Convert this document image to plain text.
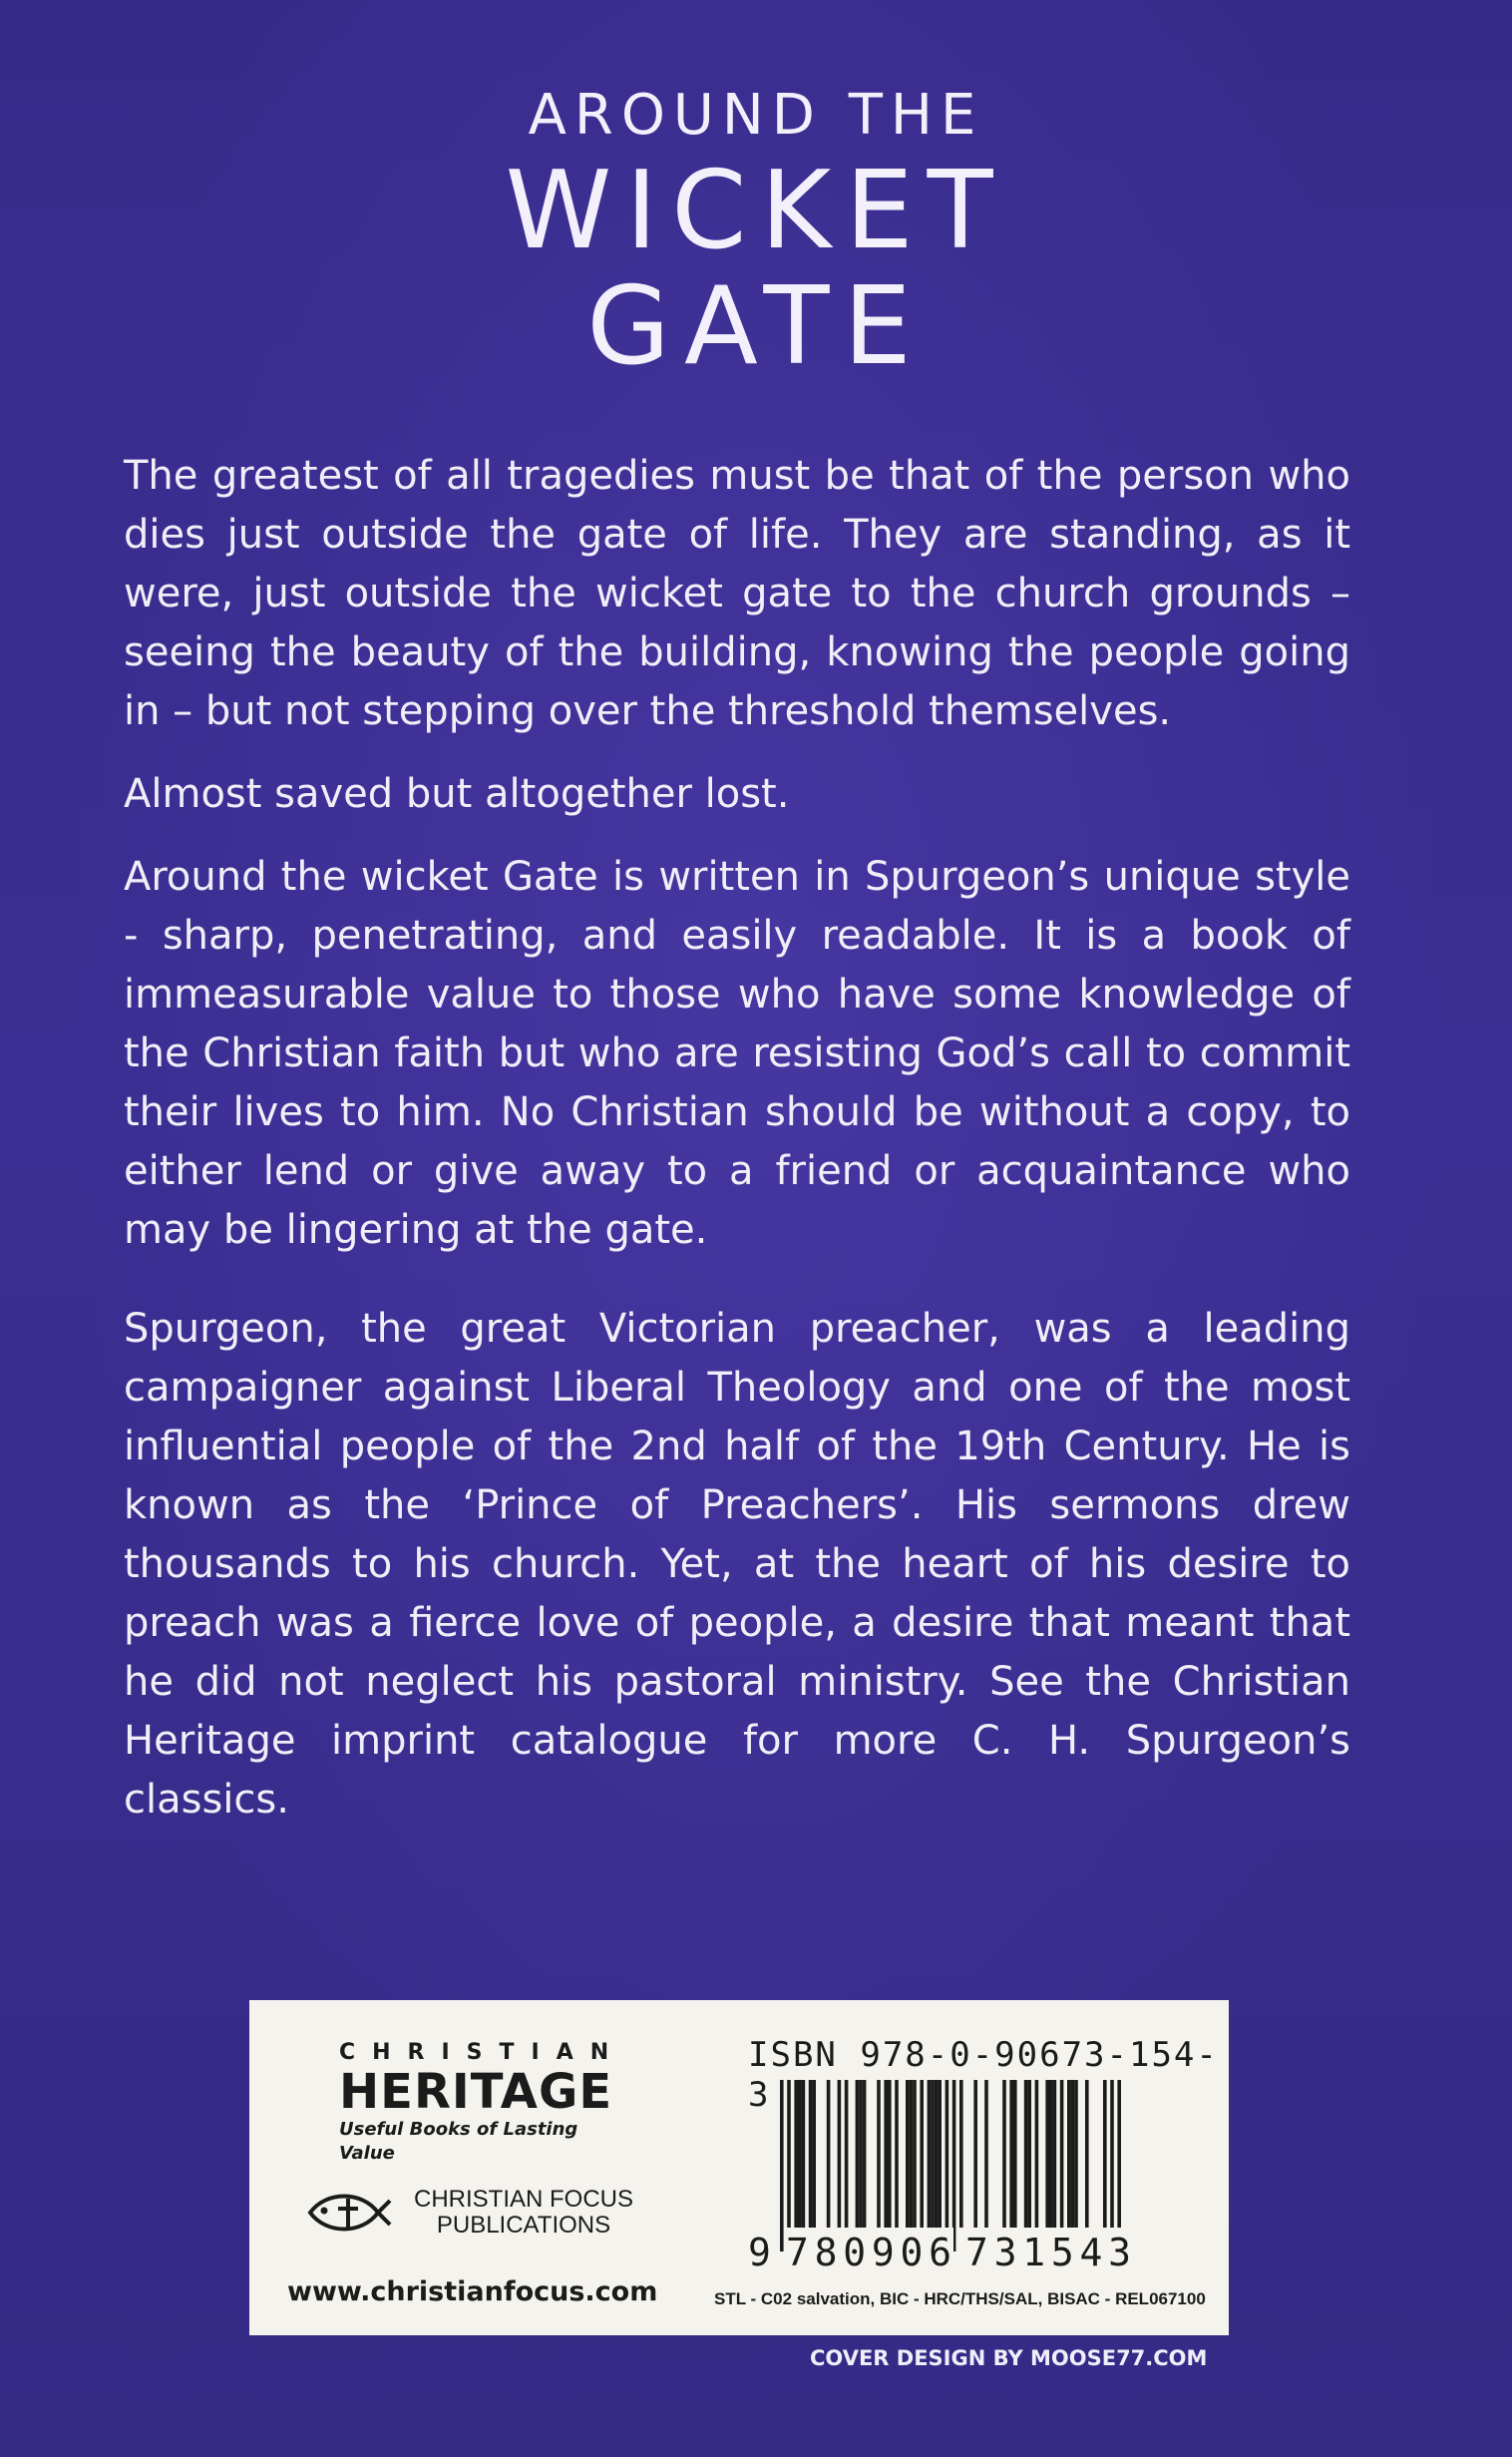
AROUND THE
WICKET
GATE

The greatest of all tragedies must be that of the person who dies just outside the gate of life. They are standing, as it were, just outside the wicket gate to the church grounds – seeing the beauty of the building, knowing the people going in – but not stepping over the threshold themselves.

Almost saved but altogether lost.

Around the wicket Gate is written in Spurgeon’s unique style - sharp, penetrating, and easily readable. It is a book of immeasurable value to those who have some knowledge of the Christian faith but who are resisting God’s call to commit their lives to him. No Christian should be without a copy, to either lend or give away to a friend or acquaintance who may be lingering at the gate.

Spurgeon, the great Victorian preacher, was a leading campaigner against Liberal Theology and one of the most influential people of the 2nd half of the 19th Century. He is known as the ‘Prince of Preachers’. His sermons drew thousands to his church. Yet, at the heart of his desire to preach was a fierce love of people, a desire that meant that he did not neglect his pastoral ministry. See the Christian Heritage imprint catalogue for more C. H. Spurgeon’s classics.

CHRISTIAN
HERITAGE
Useful Books of Lasting Value
CHRISTIAN FOCUS
PUBLICATIONS
www.christianfocus.com
ISBN 978-0-90673-154-3
9 780906 731543
STL - C02 salvation, BIC - HRC/THS/SAL, BISAC - REL067100
COVER DESIGN BY MOOSE77.COM
